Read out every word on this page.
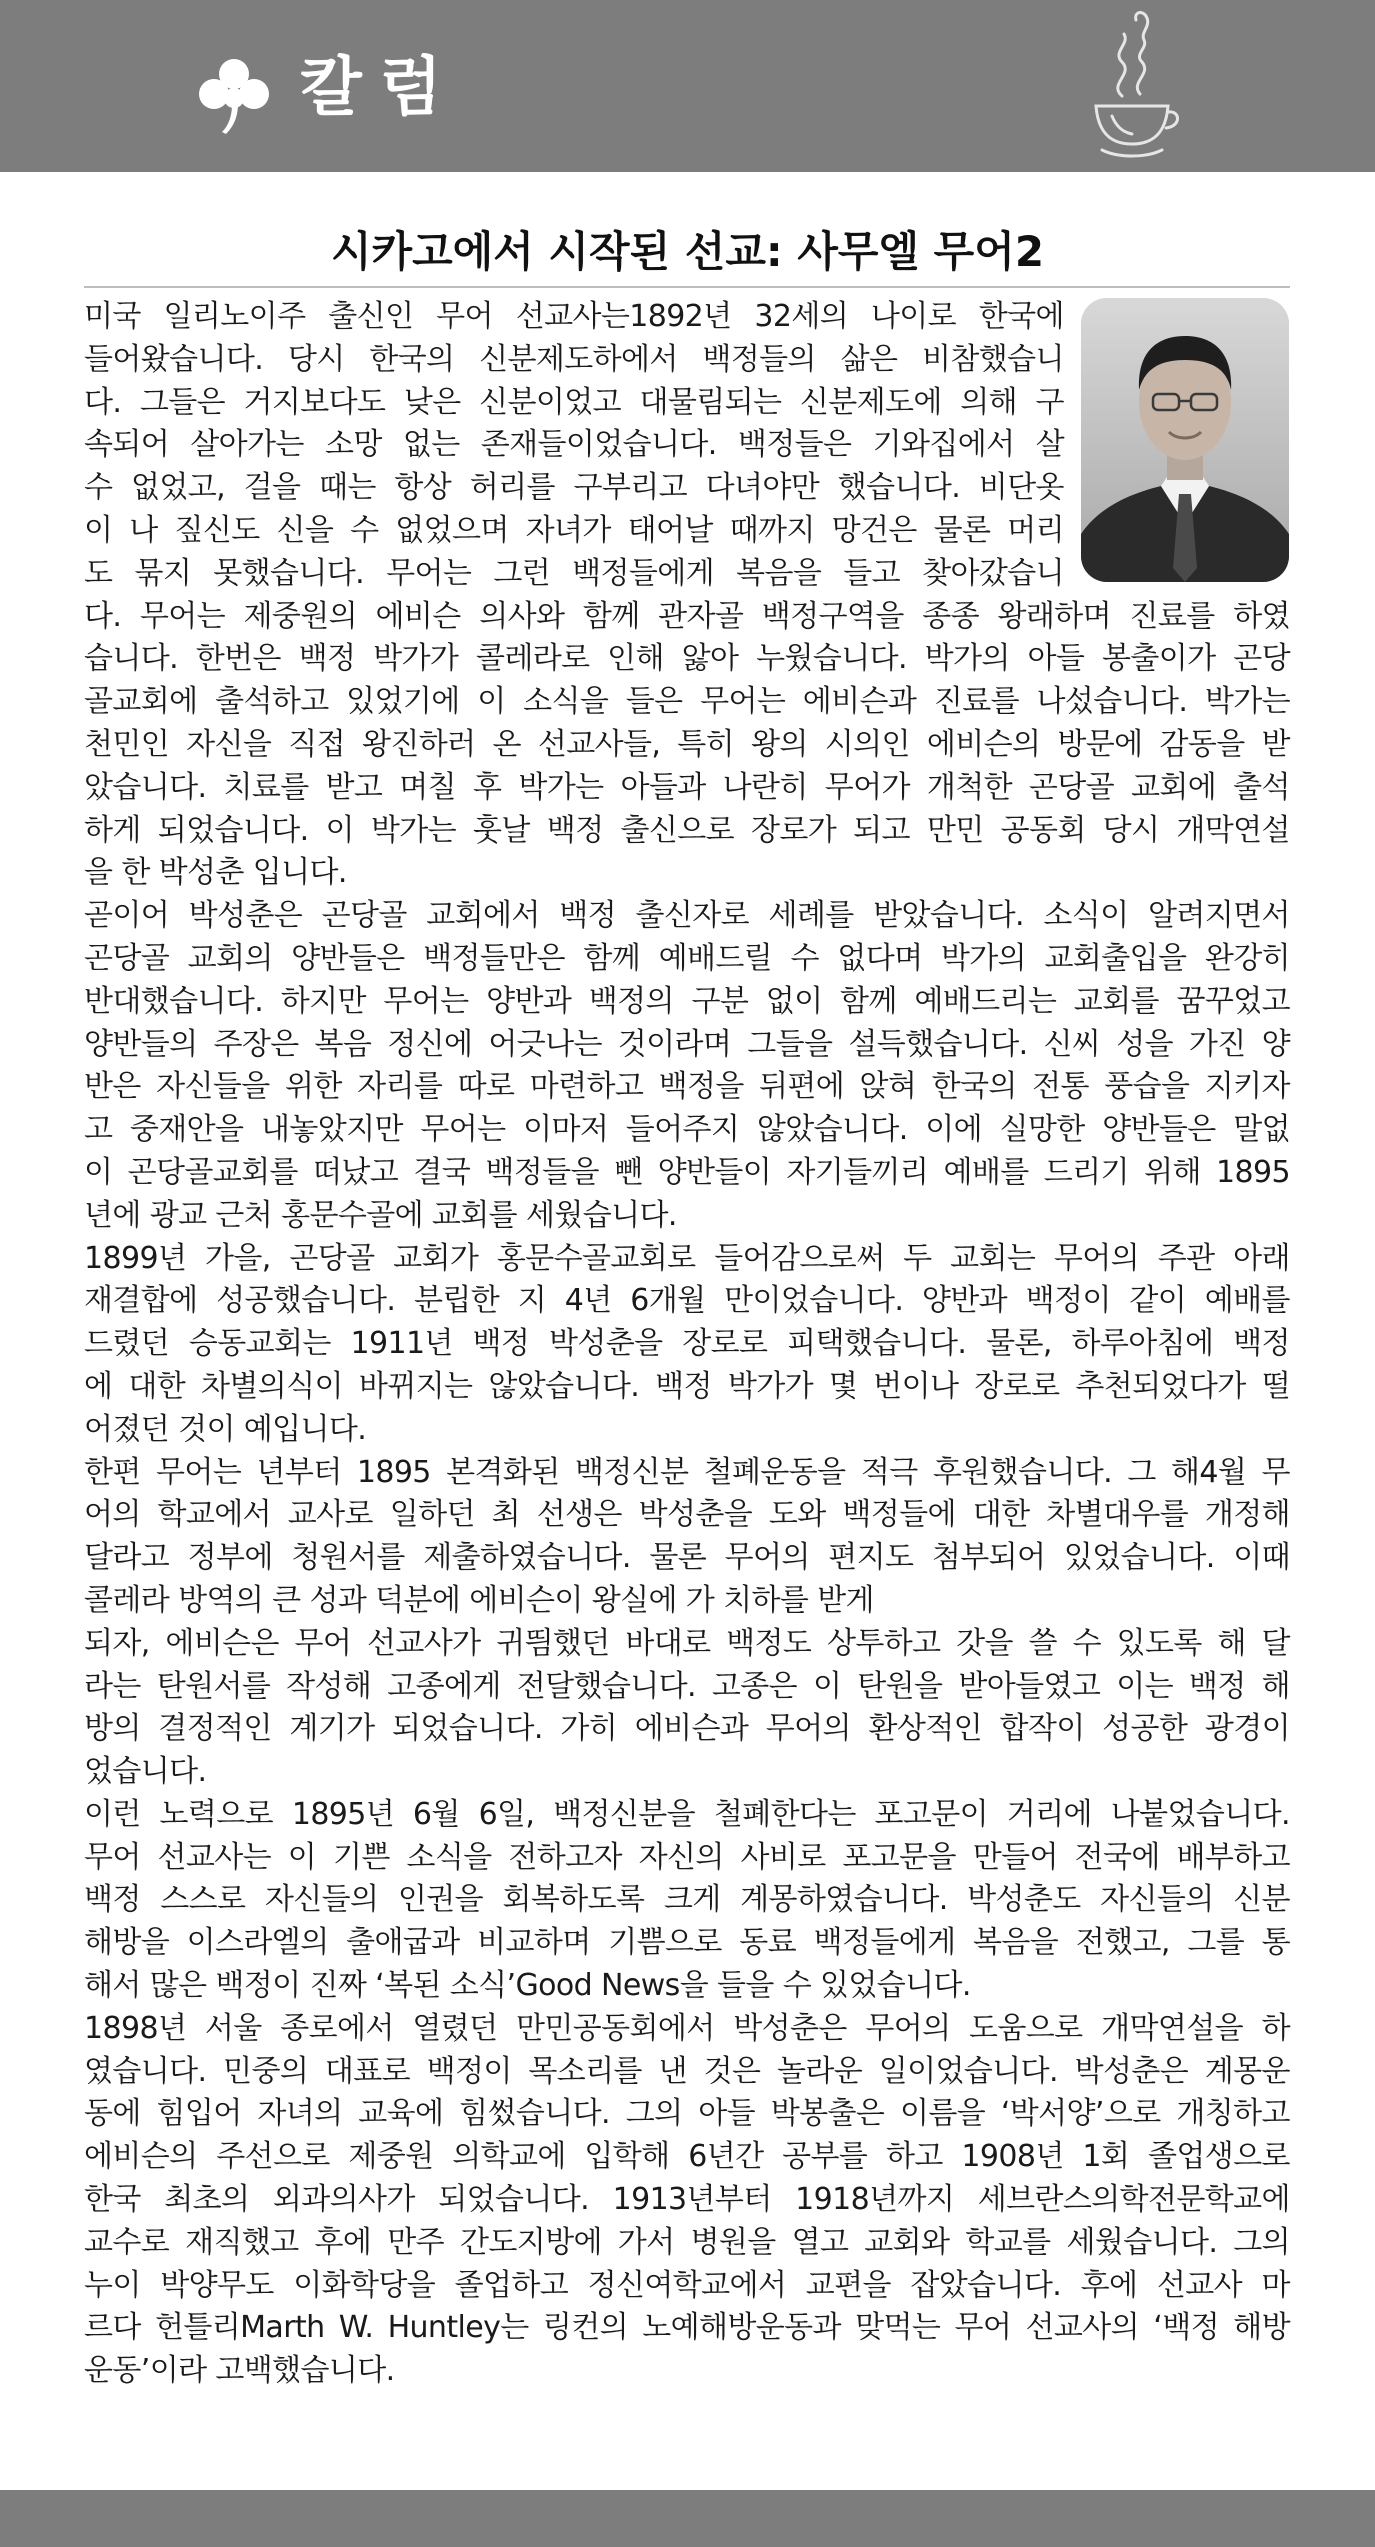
칼럼
시카고에서 시작된 선교: 사무엘 무어2
미국 일리노이주 출신인 무어 선교사는1892년 32세의 나이로 한국에
들어왔습니다. 당시 한국의 신분제도하에서 백정들의 삶은 비참했습니
다. 그들은 거지보다도 낮은 신분이었고 대물림되는 신분제도에 의해 구
속되어 살아가는 소망 없는 존재들이었습니다. 백정들은 기와집에서 살
수 없었고, 걸을 때는 항상 허리를 구부리고 다녀야만 했습니다. 비단옷
이 나 짚신도 신을 수 없었으며 자녀가 태어날 때까지 망건은 물론 머리
도 묶지 못했습니다. 무어는 그런 백정들에게 복음을 들고 찾아갔습니
다. 무어는 제중원의 에비슨 의사와 함께 관자골 백정구역을 종종 왕래하며 진료를 하였
습니다. 한번은 백정 박가가 콜레라로 인해 앓아 누웠습니다. 박가의 아들 봉출이가 곤당
골교회에 출석하고 있었기에 이 소식을 들은 무어는 에비슨과 진료를 나섰습니다. 박가는
천민인 자신을 직접 왕진하러 온 선교사들, 특히 왕의 시의인 에비슨의 방문에 감동을 받
았습니다. 치료를 받고 며칠 후 박가는 아들과 나란히 무어가 개척한 곤당골 교회에 출석
하게 되었습니다. 이 박가는 훗날 백정 출신으로 장로가 되고 만민 공동회 당시 개막연설
을 한 박성춘 입니다.
곧이어 박성춘은 곤당골 교회에서 백정 출신자로 세례를 받았습니다. 소식이 알려지면서
곤당골 교회의 양반들은 백정들만은 함께 예배드릴 수 없다며 박가의 교회출입을 완강히
반대했습니다. 하지만 무어는 양반과 백정의 구분 없이 함께 예배드리는 교회를 꿈꾸었고
양반들의 주장은 복음 정신에 어긋나는 것이라며 그들을 설득했습니다. 신씨 성을 가진 양
반은 자신들을 위한 자리를 따로 마련하고 백정을 뒤편에 앉혀 한국의 전통 풍습을 지키자
고 중재안을 내놓았지만 무어는 이마저 들어주지 않았습니다. 이에 실망한 양반들은 말없
이 곤당골교회를 떠났고 결국 백정들을 뺀 양반들이 자기들끼리 예배를 드리기 위해 1895
년에 광교 근처 홍문수골에 교회를 세웠습니다.
1899년 가을, 곤당골 교회가 홍문수골교회로 들어감으로써 두 교회는 무어의 주관 아래
재결합에 성공했습니다. 분립한 지 4년 6개월 만이었습니다. 양반과 백정이 같이 예배를
드렸던 승동교회는 1911년 백정 박성춘을 장로로 피택했습니다. 물론, 하루아침에 백정
에 대한 차별의식이 바뀌지는 않았습니다. 백정 박가가 몇 번이나 장로로 추천되었다가 떨
어졌던 것이 예입니다.
한편 무어는 년부터 1895 본격화된 백정신분 철폐운동을 적극 후원했습니다. 그 해4월 무
어의 학교에서 교사로 일하던 최 선생은 박성춘을 도와 백정들에 대한 차별대우를 개정해
달라고 정부에 청원서를 제출하였습니다. 물론 무어의 편지도 첨부되어 있었습니다. 이때
콜레라 방역의 큰 성과 덕분에 에비슨이 왕실에 가 치하를 받게
되자, 에비슨은 무어 선교사가 귀띔했던 바대로 백정도 상투하고 갓을 쓸 수 있도록 해 달
라는 탄원서를 작성해 고종에게 전달했습니다. 고종은 이 탄원을 받아들였고 이는 백정 해
방의 결정적인 계기가 되었습니다. 가히 에비슨과 무어의 환상적인 합작이 성공한 광경이
었습니다.
이런 노력으로 1895년 6월 6일, 백정신분을 철폐한다는 포고문이 거리에 나붙었습니다.
무어 선교사는 이 기쁜 소식을 전하고자 자신의 사비로 포고문을 만들어 전국에 배부하고
백정 스스로 자신들의 인권을 회복하도록 크게 계몽하였습니다. 박성춘도 자신들의 신분
해방을 이스라엘의 출애굽과 비교하며 기쁨으로 동료 백정들에게 복음을 전했고, 그를 통
해서 많은 백정이 진짜 ‘복된 소식’Good News을 들을 수 있었습니다.
1898년 서울 종로에서 열렸던 만민공동회에서 박성춘은 무어의 도움으로 개막연설을 하
였습니다. 민중의 대표로 백정이 목소리를 낸 것은 놀라운 일이었습니다. 박성춘은 계몽운
동에 힘입어 자녀의 교육에 힘썼습니다. 그의 아들 박봉출은 이름을 ‘박서양’으로 개칭하고
에비슨의 주선으로 제중원 의학교에 입학해 6년간 공부를 하고 1908년 1회 졸업생으로
한국 최초의 외과의사가 되었습니다. 1913년부터 1918년까지 세브란스의학전문학교에
교수로 재직했고 후에 만주 간도지방에 가서 병원을 열고 교회와 학교를 세웠습니다. 그의
누이 박양무도 이화학당을 졸업하고 정신여학교에서 교편을 잡았습니다. 후에 선교사 마
르다 헌틀리Marth W. Huntley는 링컨의 노예해방운동과 맞먹는 무어 선교사의 ‘백정 해방
운동’이라 고백했습니다.
